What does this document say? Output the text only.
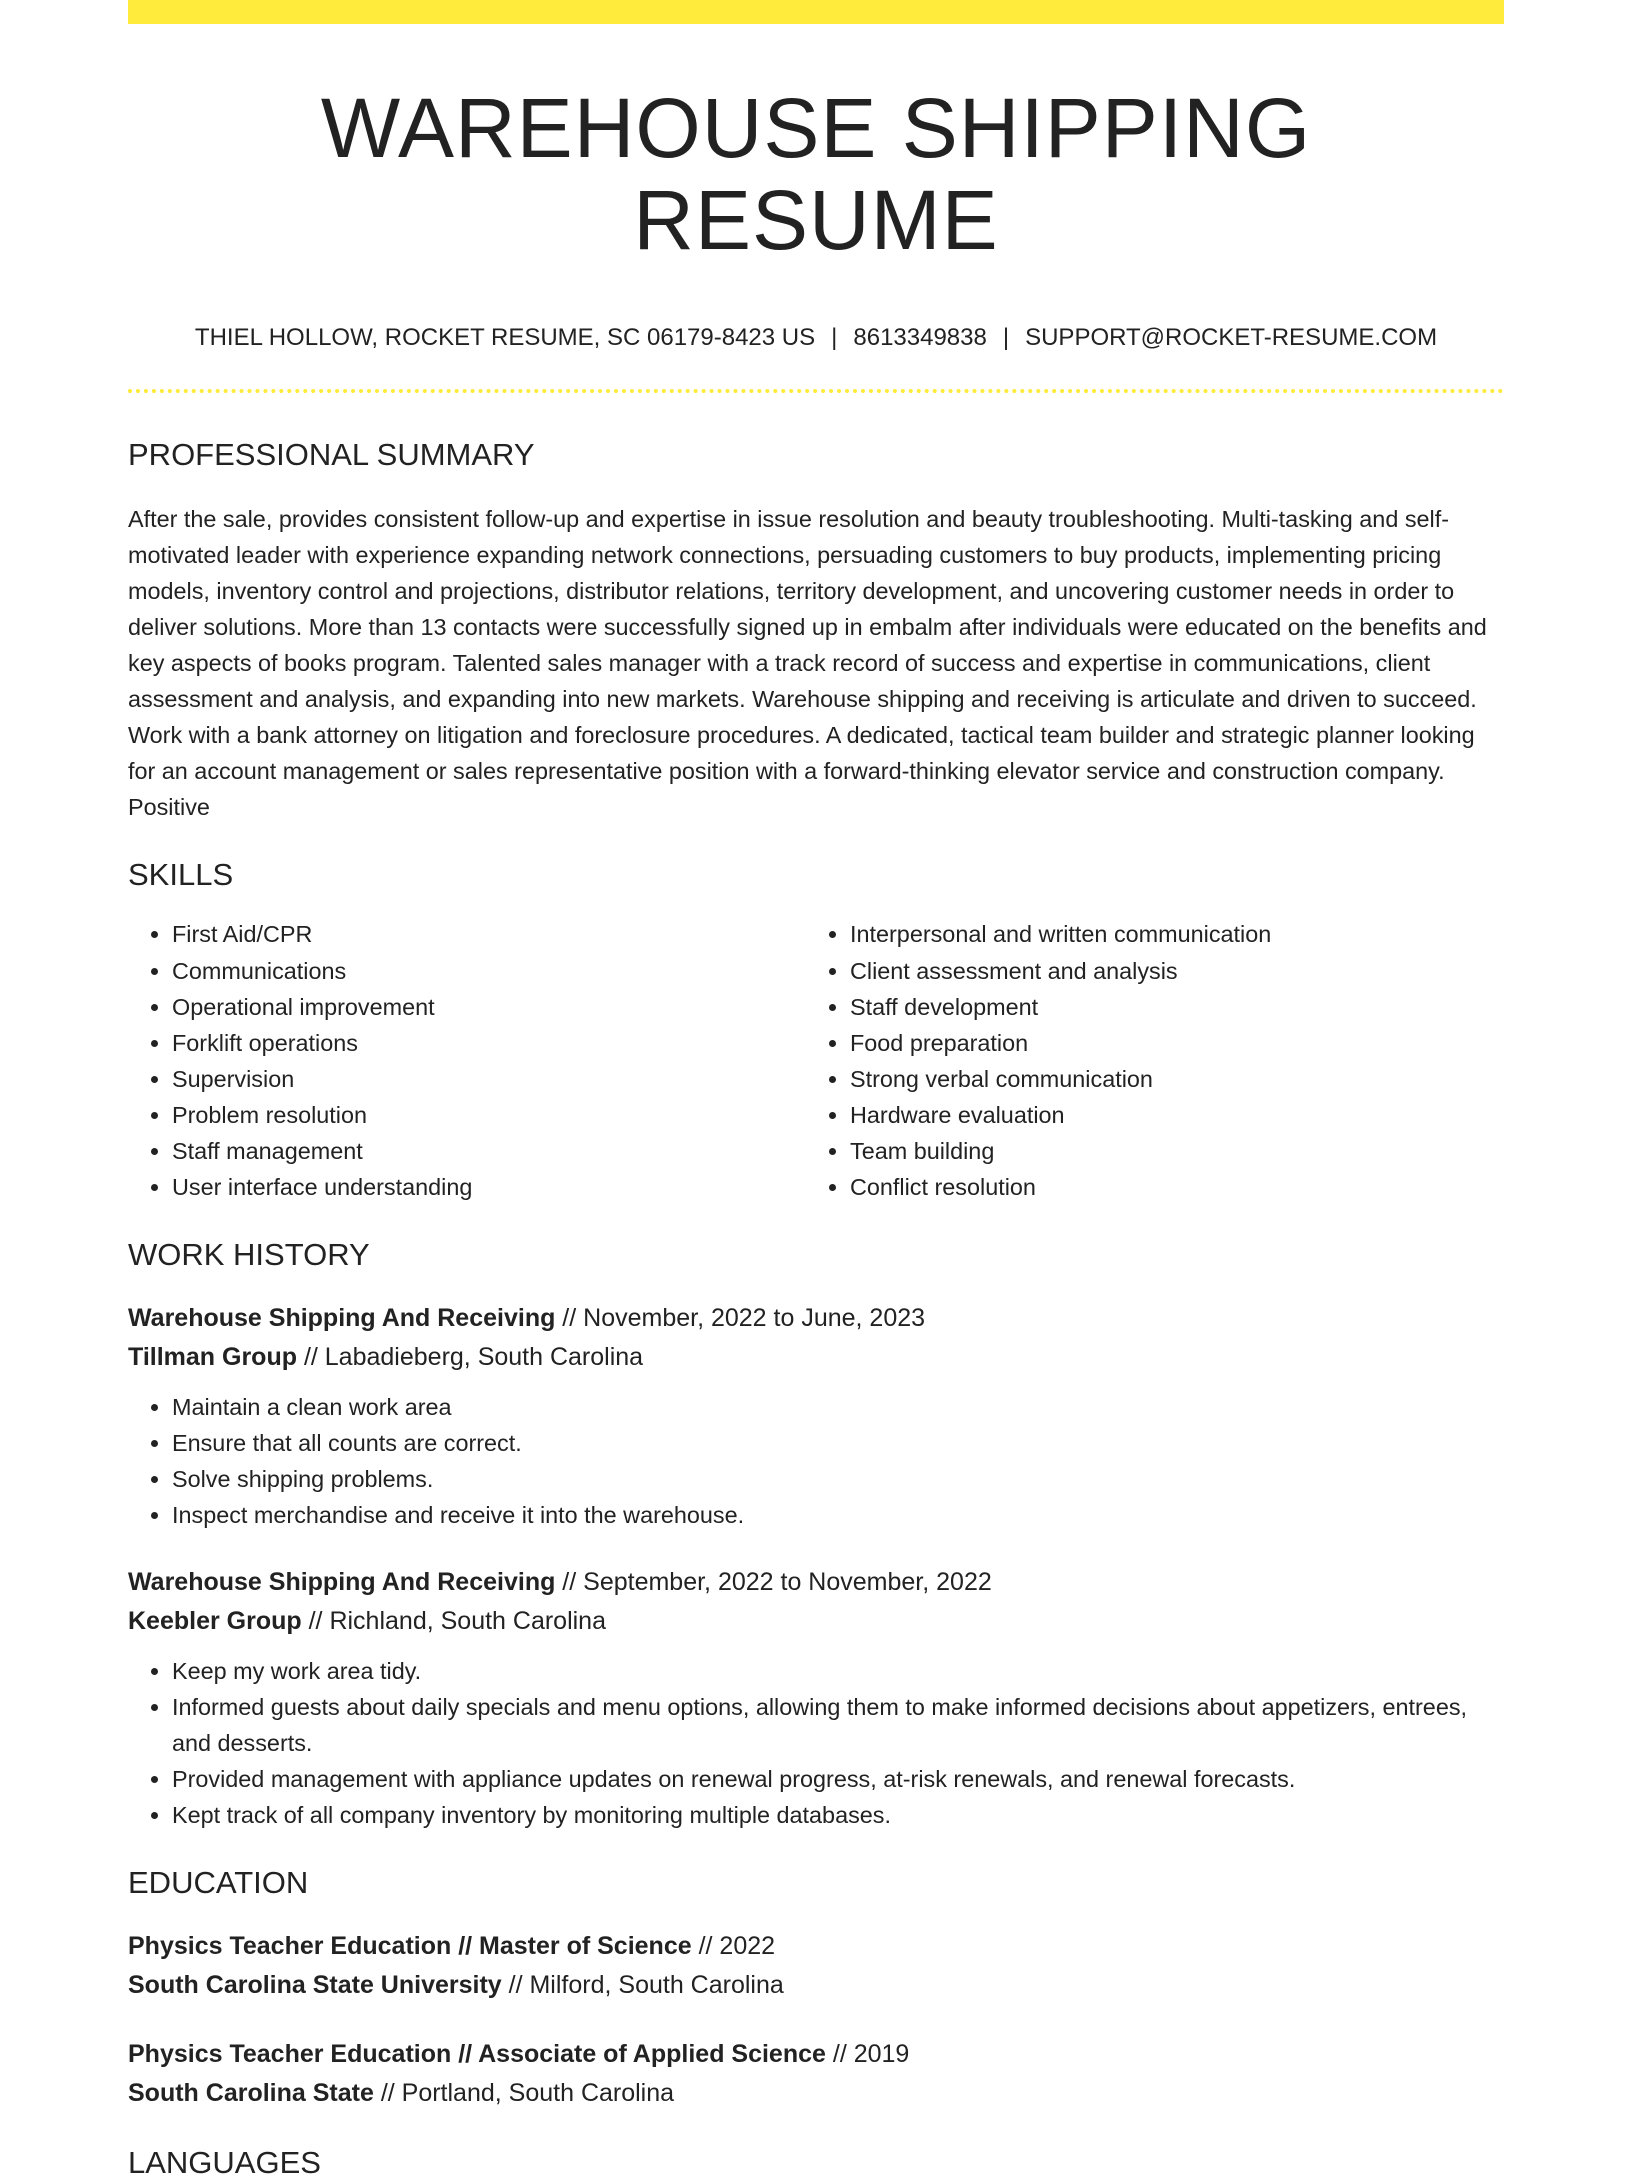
WAREHOUSE SHIPPING RESUME
THIEL HOLLOW, ROCKET RESUME, SC 06179-8423 US | 8613349838 | SUPPORT@ROCKET-RESUME.COM
PROFESSIONAL SUMMARY
After the sale, provides consistent follow-up and expertise in issue resolution and beauty troubleshooting. Multi-tasking and self-motivated leader with experience expanding network connections, persuading customers to buy products, implementing pricing models, inventory control and projections, distributor relations, territory development, and uncovering customer needs in order to deliver solutions. More than 13 contacts were successfully signed up in embalm after individuals were educated on the benefits and key aspects of books program. Talented sales manager with a track record of success and expertise in communications, client assessment and analysis, and expanding into new markets. Warehouse shipping and receiving is articulate and driven to succeed. Work with a bank attorney on litigation and foreclosure procedures. A dedicated, tactical team builder and strategic planner looking for an account management or sales representative position with a forward-thinking elevator service and construction company. Positive
SKILLS
• First Aid/CPR
• Communications
• Operational improvement
• Forklift operations
• Supervision
• Problem resolution
• Staff management
• User interface understanding
• Interpersonal and written communication
• Client assessment and analysis
• Staff development
• Food preparation
• Strong verbal communication
• Hardware evaluation
• Team building
• Conflict resolution
WORK HISTORY
Warehouse Shipping And Receiving // November, 2022 to June, 2023
Tillman Group // Labadieberg, South Carolina
• Maintain a clean work area
• Ensure that all counts are correct.
• Solve shipping problems.
• Inspect merchandise and receive it into the warehouse.
Warehouse Shipping And Receiving // September, 2022 to November, 2022
Keebler Group // Richland, South Carolina
• Keep my work area tidy.
• Informed guests about daily specials and menu options, allowing them to make informed decisions about appetizers, entrees, and desserts.
• Provided management with appliance updates on renewal progress, at-risk renewals, and renewal forecasts.
• Kept track of all company inventory by monitoring multiple databases.
EDUCATION
Physics Teacher Education // Master of Science // 2022
South Carolina State University // Milford, South Carolina
Physics Teacher Education // Associate of Applied Science // 2019
South Carolina State // Portland, South Carolina
LANGUAGES
